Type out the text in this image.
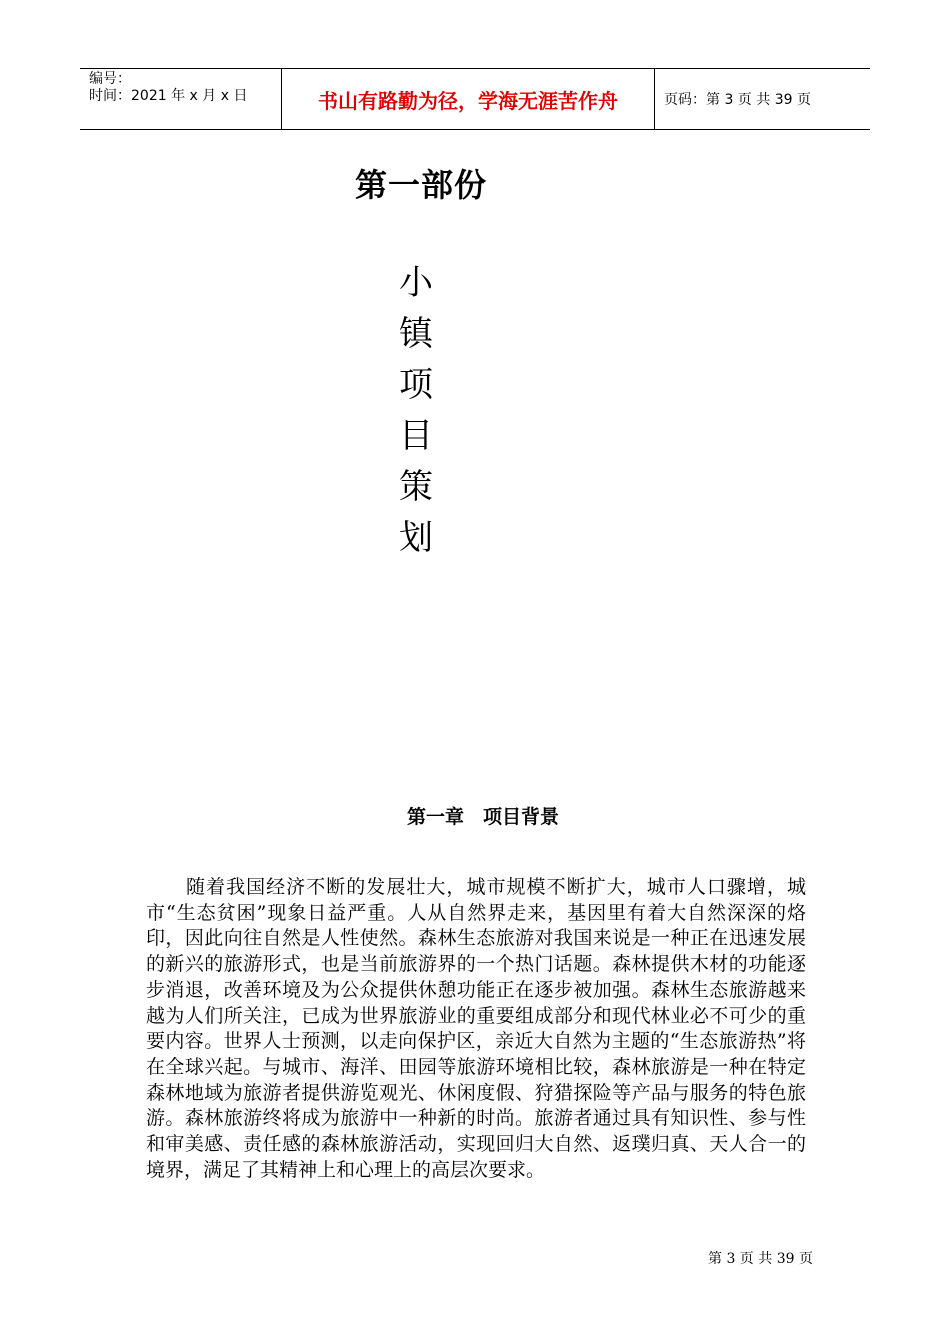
编号：
时间：2021 年 x 月 x 日	书山有路勤为径，学海无涯苦作舟	页码：第 3 页 共 39 页
第一部份
小
镇
项
目
策
划
第一章　项目背景

随着我国经济不断的发展壮大，城市规模不断扩大，城市人口骤增，城市“生态贫困”现象日益严重。人从自然界走来，基因里有着大自然深深的烙印，因此向往自然是人性使然。森林生态旅游对我国来说是一种正在迅速发展的新兴的旅游形式，也是当前旅游界的一个热门话题。森林提供木材的功能逐步消退，改善环境及为公众提供休憩功能正在逐步被加强。森林生态旅游越来越为人们所关注，已成为世界旅游业的重要组成部分和现代林业必不可少的重要内容。世界人士预测，以走向保护区，亲近大自然为主题的“生态旅游热”将在全球兴起。与城市、海洋、田园等旅游环境相比较，森林旅游是一种在特定森林地域为旅游者提供游览观光、休闲度假、狩猎探险等产品与服务的特色旅游。森林旅游终将成为旅游中一种新的时尚。旅游者通过具有知识性、参与性和审美感、责任感的森林旅游活动，实现回归大自然、返璞归真、天人合一的境界，满足了其精神上和心理上的高层次要求。

第 3 页 共 39 页
